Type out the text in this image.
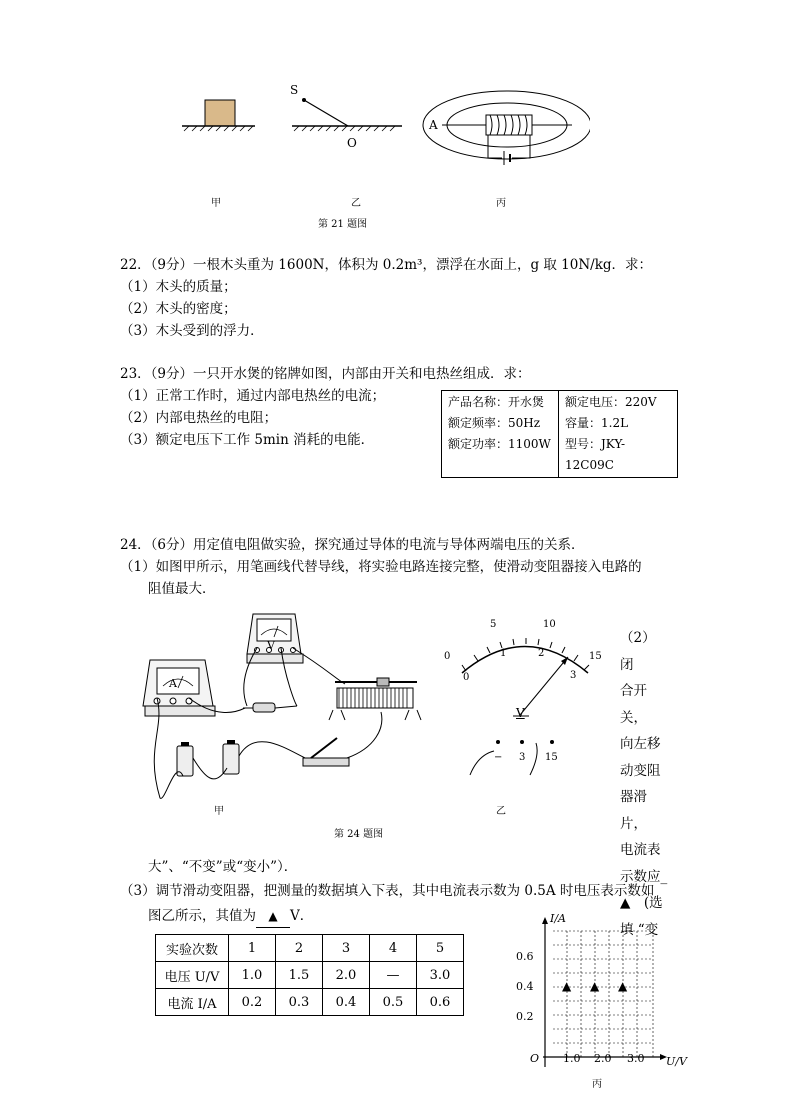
S
O
A
甲	乙	丙
第 21 题图
22．（9分）一根木头重为 1600N，体积为 0.2m³，漂浮在水面上，g 取 10N/kg．求：
（1）木头的质量；
（2）木头的密度；
（3）木头受到的浮力．
23．（9分）一只开水煲的铭牌如图，内部由开关和电热丝组成．求：
（1）正常工作时，通过内部电热丝的电流；
（2）内部电热丝的电阻；
（3）额定电压下工作 5min 消耗的电能．
产品名称：开水煲
额定频率：50Hz
额定功率：1100W

额定电压：220V
容量：1.2L
型号：JKY-12C09C
24．（6分）用定值电阻做实验，探究通过导体的电流与导体两端电压的关系．
（1）如图甲所示，用笔画线代替导线，将实验电路连接完整，使滑动变阻器接入电路的
阻值最大．
A
V
0
5	10
15
0
1	2
3
V
− 3 15
甲	乙
第 24 题图
（2）闭
合开关，
向左移
动变阻
器滑片，
电流表
示数应_
▲　(选
填 “变
大”、“不变”或“变小”）．
（3）调节滑动变阻器，把测量的数据填入下表，其中电流表示数为 0.5A 时电压表示数如
图乙所示，其值为 ▲ V．
实验次数	1	2	3	4	5
电压 U/V	1.0	1.5	2.0	—	3.0
电流 I/A	0.2	0.3	0.4	0.5	0.6
I/A
U/V
O
0.6
0.4
0.2
1.0 2.0 3.0
▲ ▲ ▲
丙
